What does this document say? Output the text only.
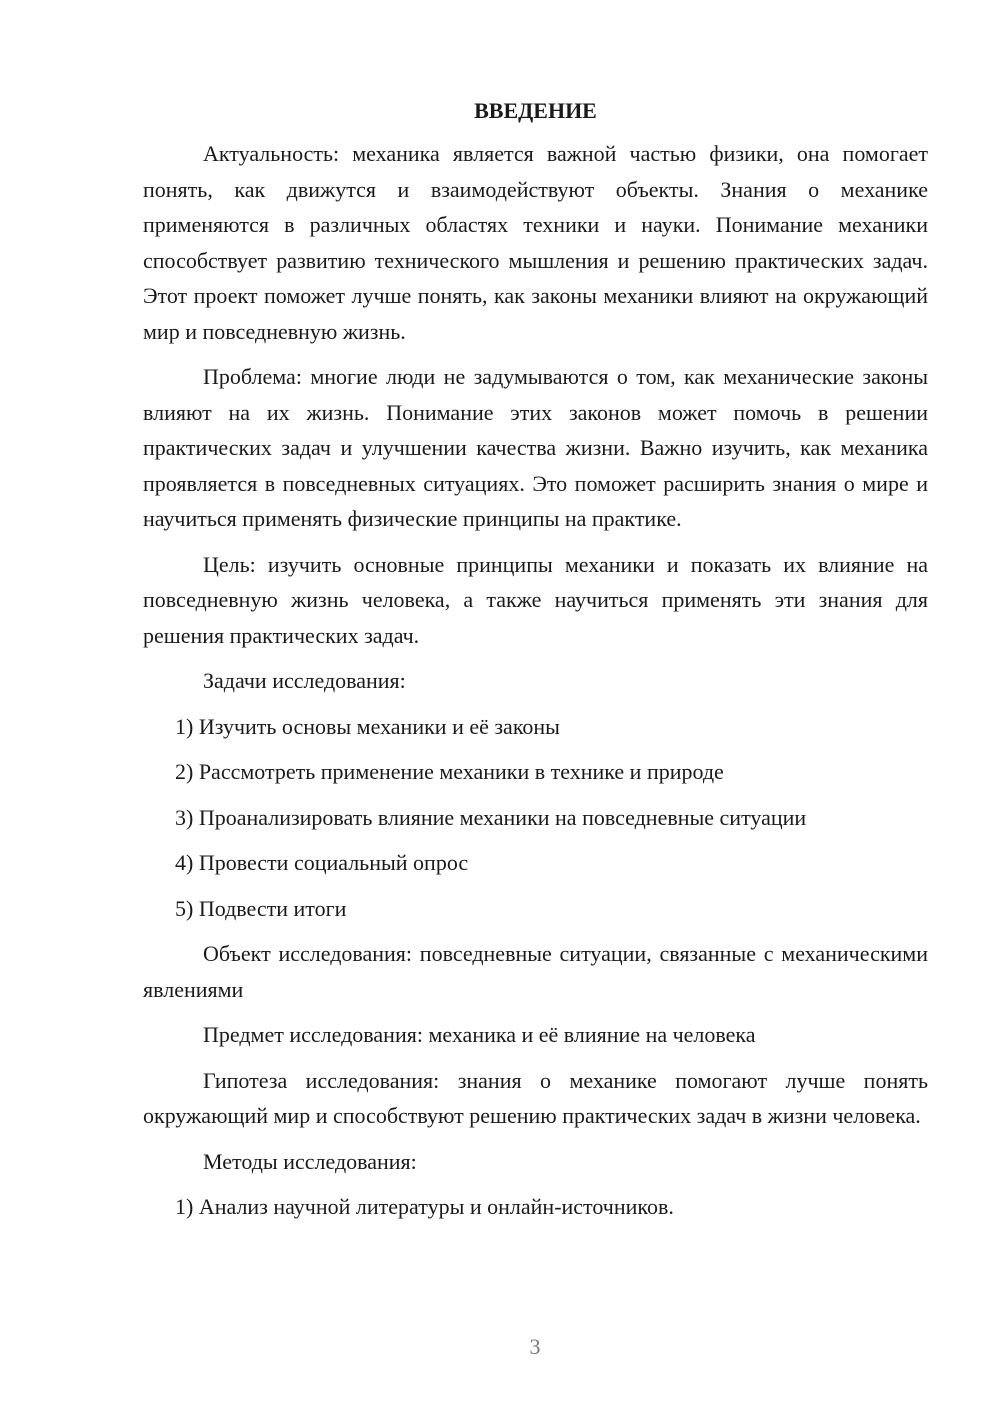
ВВЕДЕНИЕ

Актуальность: механика является важной частью физики, она помогает понять, как движутся и взаимодействуют объекты. Знания о механике применяются в различных областях техники и науки. Понимание механики способствует развитию технического мышления и решению практических задач. Этот проект поможет лучше понять, как законы механики влияют на окружающий мир и повседневную жизнь.

Проблема: многие люди не задумываются о том, как механические законы влияют на их жизнь. Понимание этих законов может помочь в решении практических задач и улучшении качества жизни. Важно изучить, как механика проявляется в повседневных ситуациях. Это поможет расширить знания о мире и научиться применять физические принципы на практике.

Цель: изучить основные принципы механики и показать их влияние на повседневную жизнь человека, а также научиться применять эти знания для решения практических задач.

Задачи исследования:
1) Изучить основы механики и её законы
2) Рассмотреть применение механики в технике и природе
3) Проанализировать влияние механики на повседневные ситуации
4) Провести социальный опрос
5) Подвести итоги

Объект исследования: повседневные ситуации, связанные с механическими явлениями

Предмет исследования: механика и её влияние на человека

Гипотеза исследования: знания о механике помогают лучше понять окружающий мир и способствуют решению практических задач в жизни человека.

Методы исследования:
1) Анализ научной литературы и онлайн-источников.
3
